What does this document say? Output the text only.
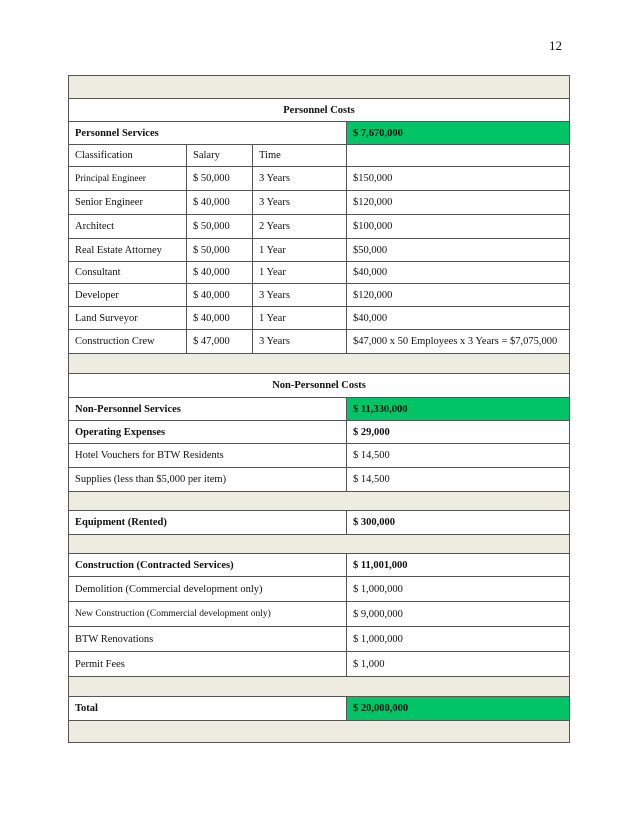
12

Personnel Costs			
Personnel Services			$ 7,670,000
Classification	Salary	Time	
Principal Engineer	$ 50,000	3 Years	$150,000
Senior Engineer	$ 40,000	3 Years	$120,000
Architect	$ 50,000	2 Years	$100,000
Real Estate Attorney	$ 50,000	1 Year	$50,000
Consultant	$ 40,000	1 Year	$40,000
Developer	$ 40,000	3 Years	$120,000
Land Surveyor	$ 40,000	1 Year	$40,000
Construction Crew	$ 47,000	3 Years	$47,000 x 50 Employees x 3 Years = $7,075,000

Non-Personnel Costs			
Non-Personnel Services			$ 11,330,000
Operating Expenses			$ 29,000
Hotel Vouchers for BTW Residents			$ 14,500
Supplies (less than $5,000 per item)			$ 14,500

Equipment (Rented)			$ 300,000

Construction (Contracted Services)			$ 11,001,000
Demolition (Commercial development only)			$ 1,000,000
New Construction (Commercial development only)			$ 9,000,000
BTW Renovations			$ 1,000,000
Permit Fees			$ 1,000

Total			$ 20,000,000
